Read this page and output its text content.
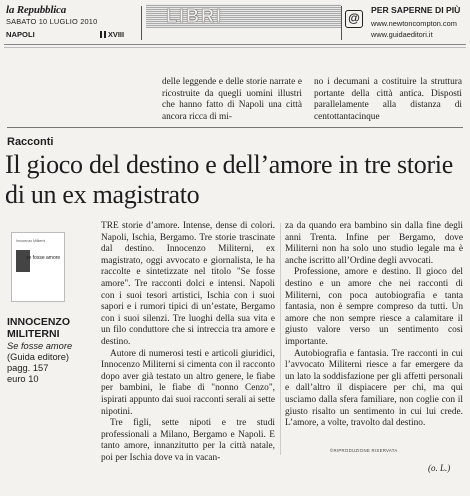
la Repubblica
SABATO 10 LUGLIO 2010
NAPOLI	XVIII
LIBRI	@
PER SAPERNE DI PIÙ
www.newtoncompton.com
www.guidaeditori.it
delle leggende e delle storie narrate e ricostruite da quegli uomini illustri che hanno fatto di Napoli una città ancora ricca di mi-
no i decumani a costituire la struttura portante della città antica. Disposti parallelamente alla distanza di centottantacinque
Racconti
Il gioco del destino e dell’amore in tre storie di un ex magistrato
Innocenzo Militerni
se fosse amore
INNOCENZO MILITERNI
Se fosse amore
(Guida editore)
pagg. 157
euro 10

TRE storie d’amore. Intense, dense di colori. Napoli, Ischia, Bergamo. Tre storie trascinate dal destino. Innocenzo Militerni, ex magistrato, oggi avvocato e giornalista, le ha raccolte e sintetizzate nel titolo "Se fosse amore". Tre racconti dolci e intensi. Napoli con i suoi tesori artistici, Ischia con i suoi sapori e i rumori tipici di un’estate, Bergamo con i suoi silenzi. Tre luoghi della sua vita e un filo conduttore che si intreccia tra amore e destino.

Autore di numerosi testi e articoli giuridici, Innocenzo Militerni si cimenta con il racconto dopo aver già testato un altro genere, le fiabe per bambini, le fiabe di "nonno Cenzo", ispirati appunto dai suoi racconti serali ai sette nipotini.

Tre figli, sette nipoti e tre studi professionali a Milano, Bergamo e Napoli. E tanto amore, innanzitutto per la città natale, poi per Ischia dove va in vacan-

za da quando era bambino sin dalla fine degli anni Trenta. Infine per Bergamo, dove Militerni non ha solo uno studio legale ma è anche iscritto all’Ordine degli avvocati.

Professione, amore e destino. Il gioco del destino e un amore che nei racconti di Militerni, con poca autobiografia e tanta fantasia, non è sempre compreso da tutti. Un amore che non sempre riesce a calamitare il giusto valore verso un sentimento così importante.

Autobiografia e fantasia. Tre racconti in cui l’avvocato Militerni riesce a far emergere da un lato la soddisfazione per gli affetti personali e dall’altro il dispiacere per chi, ma qui usciamo dalla sfera familiare, non coglie con il giusto risalto un sentimento in cui lui crede. L’amore, a volte, travolto dal destino.

©RIPRODUZIONE RISERVATA
(o. L.)
